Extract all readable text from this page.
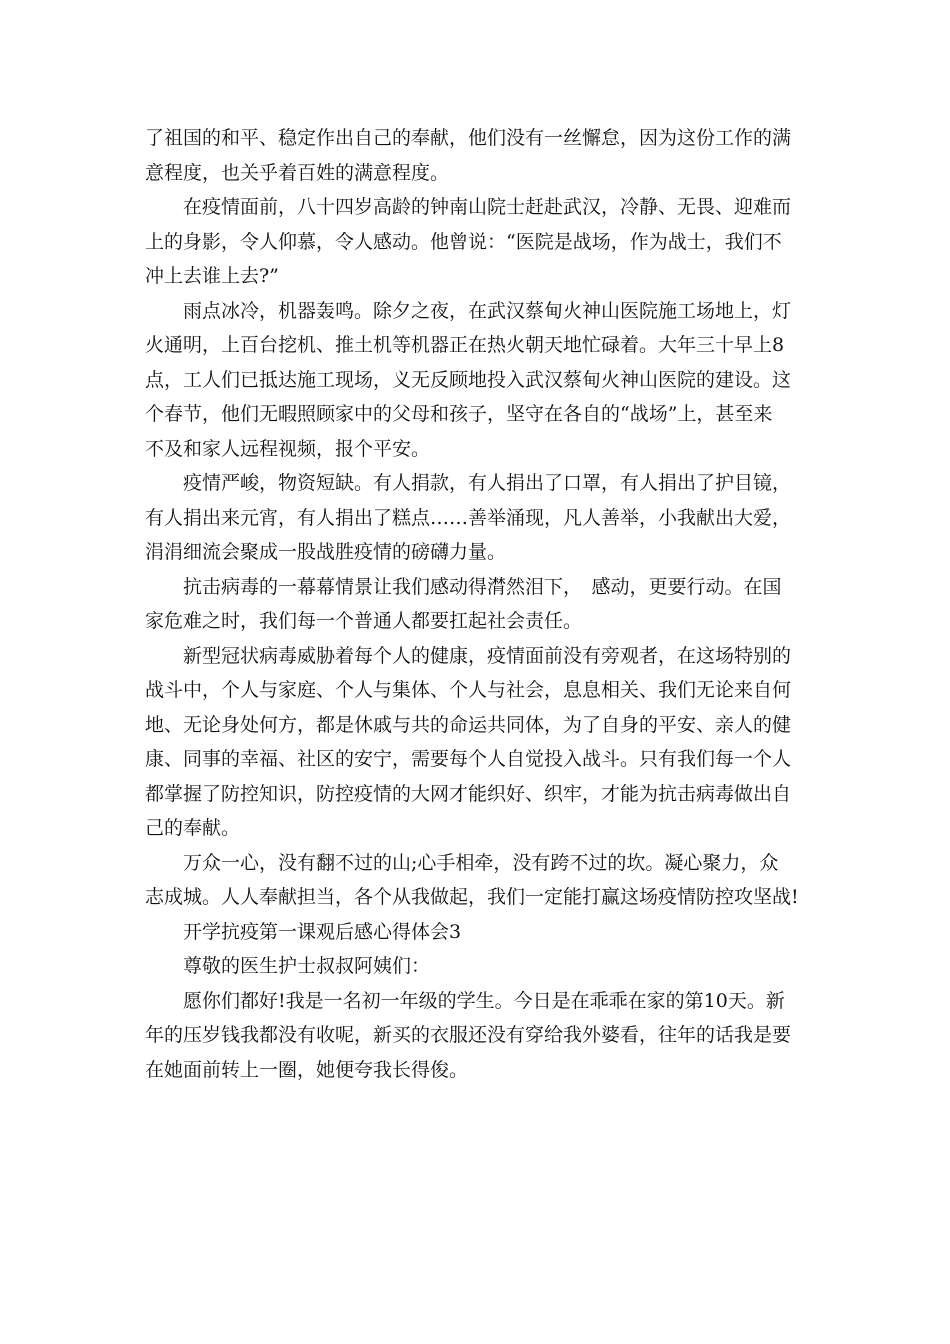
了祖国的和平、稳定作出自己的奉献，他们没有一丝懈怠，因为这份工作的满
意程度，也关乎着百姓的满意程度。
　　在疫情面前，八十四岁高龄的钟南山院士赶赴武汉，冷静、无畏、迎难而
上的身影，令人仰慕，令人感动。他曾说：“医院是战场，作为战士，我们不
冲上去谁上去?”
　　雨点冰冷，机器轰鸣。除夕之夜，在武汉蔡甸火神山医院施工场地上，灯
火通明，上百台挖机、推土机等机器正在热火朝天地忙碌着。大年三十早上8
点，工人们已抵达施工现场，义无反顾地投入武汉蔡甸火神山医院的建设。这
个春节，他们无暇照顾家中的父母和孩子，坚守在各自的“战场”上，甚至来
不及和家人远程视频，报个平安。
　　疫情严峻，物资短缺。有人捐款，有人捐出了口罩，有人捐出了护目镜，
有人捐出来元宵，有人捐出了糕点……善举涌现，凡人善举，小我献出大爱，
涓涓细流会聚成一股战胜疫情的磅礴力量。
　　抗击病毒的一幕幕情景让我们感动得潸然泪下，　感动，更要行动。在国
家危难之时，我们每一个普通人都要扛起社会责任。
　　新型冠状病毒威胁着每个人的健康，疫情面前没有旁观者，在这场特别的
战斗中，个人与家庭、个人与集体、个人与社会，息息相关、我们无论来自何
地、无论身处何方，都是休戚与共的命运共同体，为了自身的平安、亲人的健
康、同事的幸福、社区的安宁，需要每个人自觉投入战斗。只有我们每一个人
都掌握了防控知识，防控疫情的大网才能织好、织牢，才能为抗击病毒做出自
己的奉献。
　　万众一心，没有翻不过的山;心手相牵，没有跨不过的坎。凝心聚力，众
志成城。人人奉献担当，各个从我做起，我们一定能打赢这场疫情防控攻坚战!
　　开学抗疫第一课观后感心得体会3
　　尊敬的医生护士叔叔阿姨们：
　　愿你们都好!我是一名初一年级的学生。今日是在乖乖在家的第10天。新
年的压岁钱我都没有收呢，新买的衣服还没有穿给我外婆看，往年的话我是要
在她面前转上一圈，她便夸我长得俊。
